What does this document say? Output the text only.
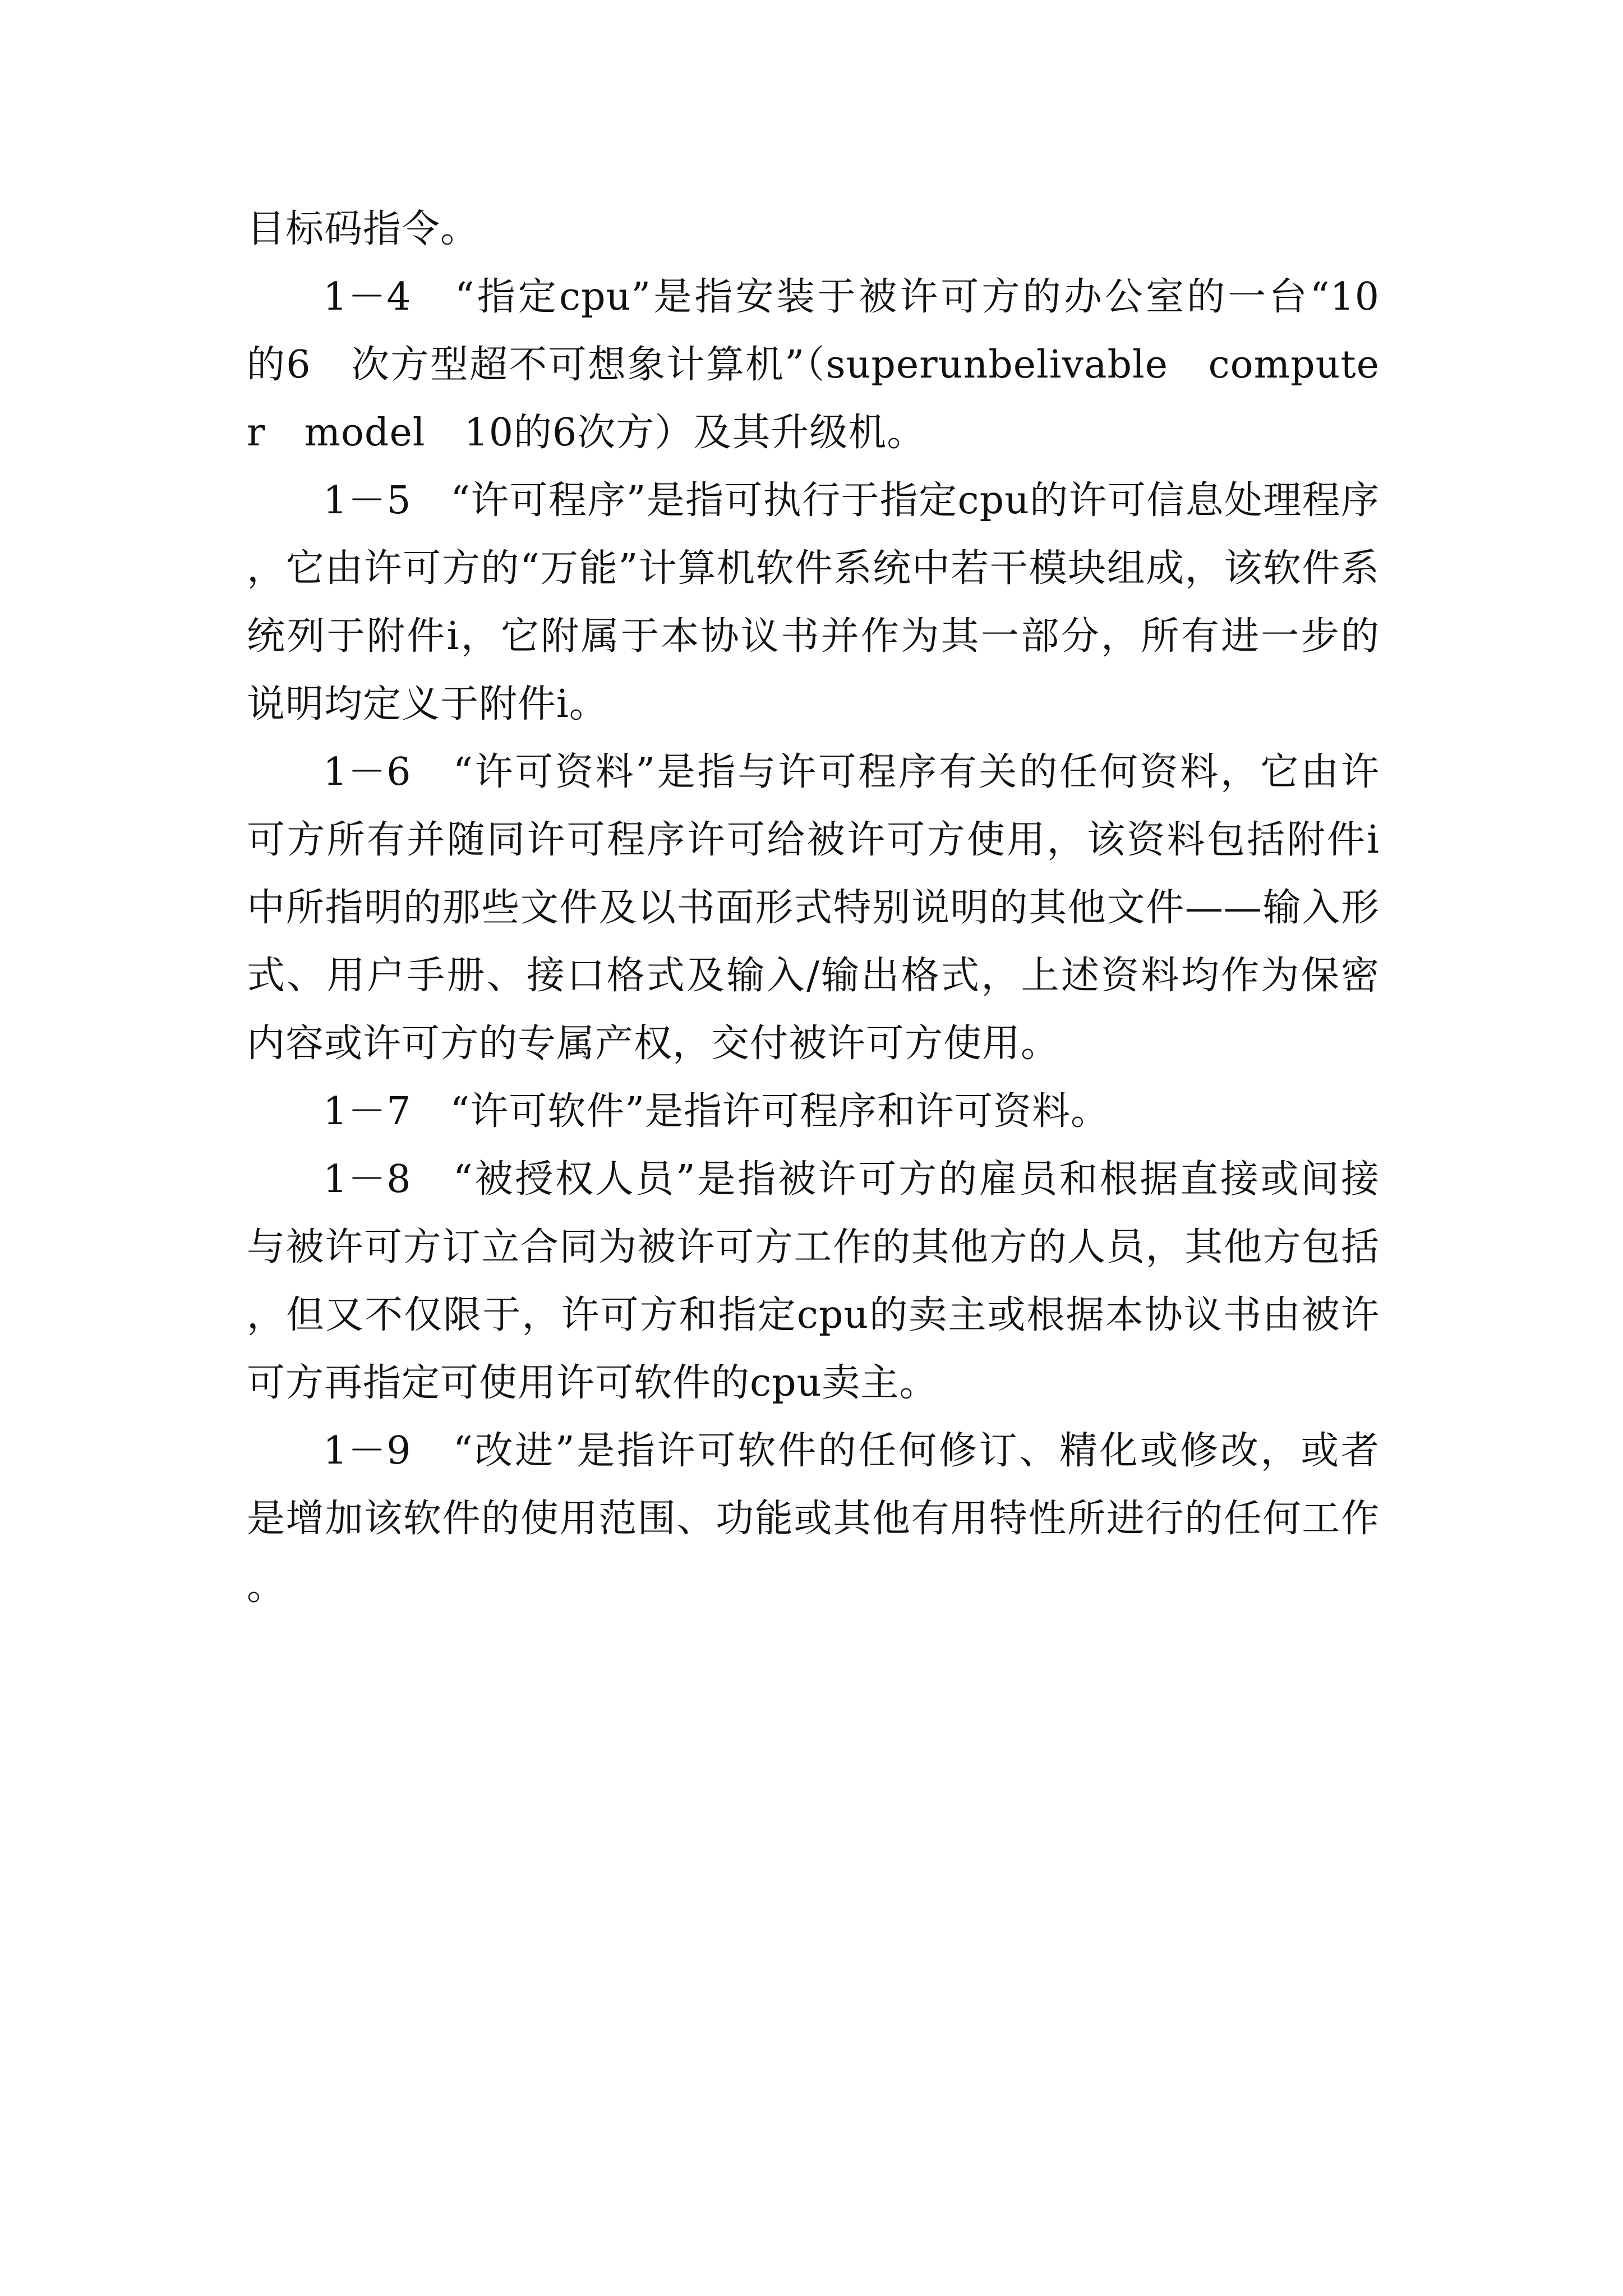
目标码指令。

1－4　“指定cpu”是指安装于被许可方的办公室的一台“10　的6　次方型超不可想象计算机”（superunbelivable　computer　model　10的6次方）及其升级机。

1－5　“许可程序”是指可执行于指定cpu的许可信息处理程序，它由许可方的“万能”计算机软件系统中若干模块组成，该软件系统列于附件i，它附属于本协议书并作为其一部分，所有进一步的说明均定义于附件i。

1－6　“许可资料”是指与许可程序有关的任何资料，它由许可方所有并随同许可程序许可给被许可方使用，该资料包括附件i中所指明的那些文件及以书面形式特别说明的其他文件——输入形式、用户手册、接口格式及输入/输出格式，上述资料均作为保密内容或许可方的专属产权，交付被许可方使用。

1－7　“许可软件”是指许可程序和许可资料。

1－8　“被授权人员”是指被许可方的雇员和根据直接或间接与被许可方订立合同为被许可方工作的其他方的人员，其他方包括，但又不仅限于，许可方和指定cpu的卖主或根据本协议书由被许可方再指定可使用许可软件的cpu卖主。

1－9　“改进”是指许可软件的任何修订、精化或修改，或者是增加该软件的使用范围、功能或其他有用特性所进行的任何工作。
